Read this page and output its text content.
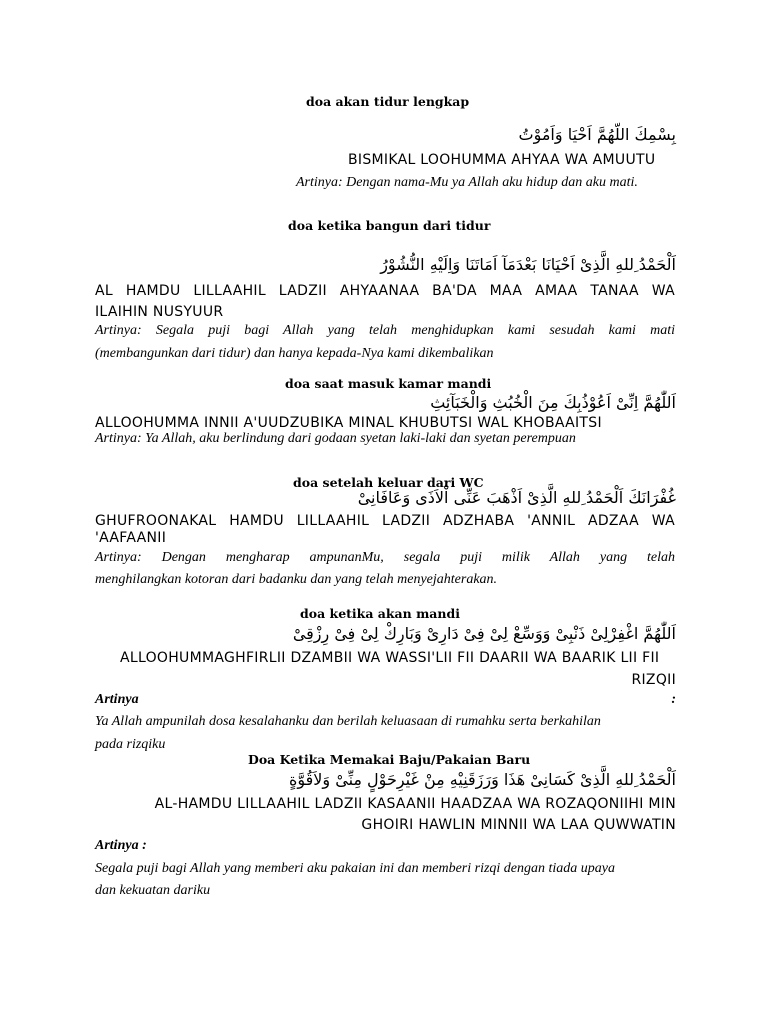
doa akan tidur lengkap

بِسْمِكَ اللّهُمَّ اَحْيَا وَاَمُوْتُ

BISMIKAL LOOHUMMA AHYAA WA AMUUTU

Artinya: Dengan nama-Mu ya Allah aku hidup dan aku mati.

doa ketika bangun dari tidur

اَلْحَمْدُ ِللهِ الَّذِىْ اَحْيَانَا بَعْدَمَآ اَمَاتَنَا وَاِلَيْهِ النُّشُوْرُ

AL HAMDU LILLAAHIL LADZII AHYAANAA BA'DA MAA AMAA TANAA WA

ILAIHIN NUSYUUR

Artinya: Segala puji bagi Allah yang telah menghidupkan kami sesudah kami mati

(membangunkan dari tidur) dan hanya kepada-Nya kami dikembalikan

doa saat masuk kamar mandi

اَللّٰهُمَّ اِنِّىْ اَعُوْذُبِكَ مِنَ الْخُبُثِ وَالْخَبَآئِثِ

ALLOOHUMMA INNII A'UUDZUBIKA MINAL KHUBUTSI WAL KHOBAAITSI

Artinya: Ya Allah, aku berlindung dari godaan syetan laki-laki dan syetan perempuan

doa setelah keluar dari WC

غُفْرَانَكَ اَلْحَمْدُ ِللهِ الَّذِىْ اَذْهَبَ عَنِّى اْلاَذَى وَعَافَانِىْ

GHUFROONAKAL HAMDU LILLAAHIL LADZII ADZHABA 'ANNIL ADZAA WA

'AAFAANII

Artinya: Dengan mengharap ampunanMu, segala puji milik Allah yang telah

menghilangkan kotoran dari badanku dan yang telah menyejahterakan.

doa ketika akan mandi

اَللّٰهُمَّ اغْفِرْلِىْ ذَنْبِىْ وَوَسِّعْ لِىْ فِىْ دَارِىْ وَبَارِكْ لِىْ فِىْ رِزْقِىْ

ALLOOHUMMAGHFIRLII DZAMBII WA WASSI'LII FII DAARII WA BAARIK LII FII

RIZQII

Artinya	:

Ya Allah ampunilah dosa kesalahanku dan berilah keluasaan di rumahku serta berkahilan

pada rizqiku

Doa Ketika Memakai Baju/Pakaian Baru

اَلْحَمْدُ ِللهِ الَّذِىْ كَسَانِىْ هَذَا وَرَزَقَنِيْهِ مِنْ غَيْرِحَوْلٍ مِنِّىْ وَلاَقُوَّةٍ

AL-HAMDU LILLAAHIL LADZII KASAANII HAADZAA WA ROZAQONIIHI MIN

GHOIRI HAWLIN MINNII WA LAA QUWWATIN

Artinya :

Segala puji bagi Allah yang memberi aku pakaian ini dan memberi rizqi dengan tiada upaya

dan kekuatan dariku
